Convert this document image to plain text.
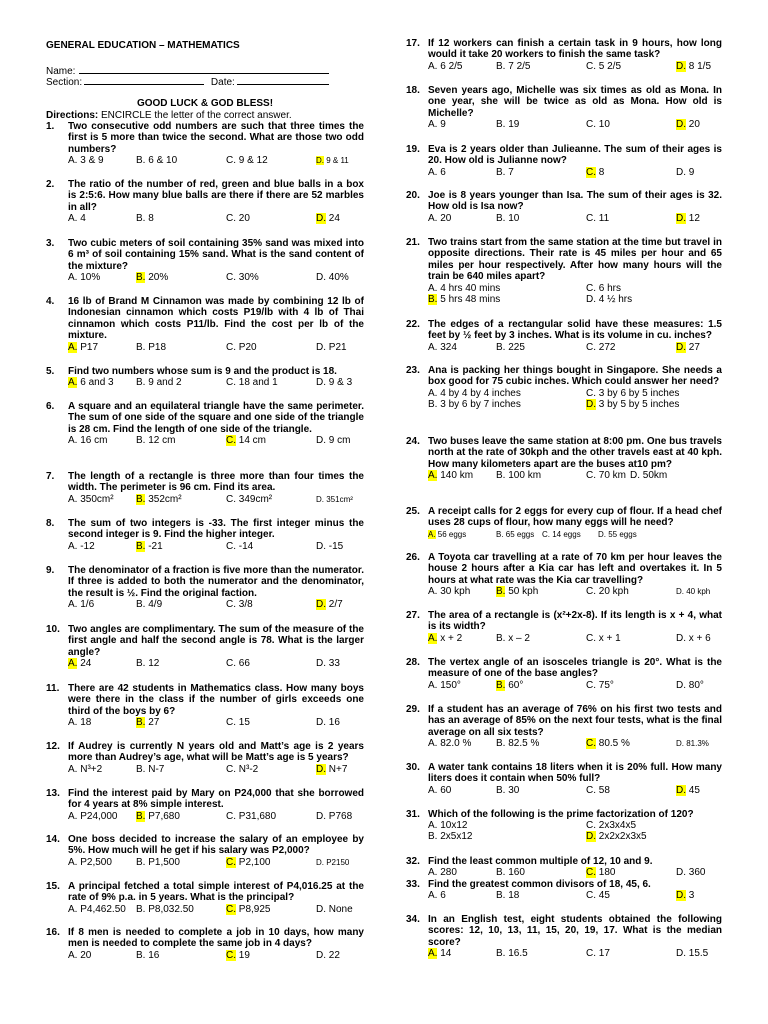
GENERAL EDUCATION – MATHEMATICS
Name:
Section:	Date:
GOOD LUCK & GOD BLESS!
Directions: ENCIRCLE the letter of the correct answer.
1. Two consecutive odd numbers are such that three times the first is 5 more than twice the second. What are those two odd numbers?
A. 3 & 9	B. 6 & 10	C. 9 & 12	D. 9 & 11
2. The ratio of the number of red, green and blue balls in a box is 2:5:6. How many blue balls are there if there are 52 marbles in all?
A. 4	B. 8	C. 20	D. 24
3. Two cubic meters of soil containing 35% sand was mixed into 6 m³ of soil containing 15% sand. What is the sand content of the mixture?
A. 10%	B. 20%	C. 30%	D. 40%
4. 16 lb of Brand M Cinnamon was made by combining 12 lb of Indonesian cinnamon which costs P19/lb with 4 lb of Thai cinnamon which costs P11/lb. Find the cost per lb of the mixture.
A. P17	B. P18	C. P20	D. P21
5. Find two numbers whose sum is 9 and the product is 18.
A. 6 and 3 B. 9 and 2	C. 18 and 1	D. 9 & 3
6. A square and an equilateral triangle have the same perimeter. The sum of one side of the square and one side of the triangle is 28 cm. Find the length of one side of the triangle.
A. 16 cm	B. 12 cm	C. 14 cm	D. 9 cm
7. The length of a rectangle is three more than four times the width. The perimeter is 96 cm. Find its area.
A. 350cm² B. 352cm²	C. 349cm²	D. 351cm²
8. The sum of two integers is -33. The first integer minus the second integer is 9. Find the higher integer.
A. -12	B. -21	C. -14	D. -15
9. The denominator of a fraction is five more than the numerator. If three is added to both the numerator and the denominator, the result is ½. Find the original faction.
A. 1/6	B. 4/9	C. 3/8	D. 2/7
10. Two angles are complimentary. The sum of the measure of the first angle and half the second angle is 78. What is the larger angle?
A. 24	B. 12	C. 66	D. 33
11. There are 42 students in Mathematics class. How many boys were there in the class if the number of girls exceeds one third of the boys by 6?
A. 18	B. 27	C. 15	D. 16
12. If Audrey is currently N years old and Matt’s age is 2 years more than Audrey’s age, what will be Matt’s age is 5 years?
A. N³+2	B. N-7	C. N³-2	D. N+7
13. Find the interest paid by Mary on P24,000 that she borrowed for 4 years at 8% simple interest.
A. P24,000 B. P7,680	C. P31,680	D. P768
14. One boss decided to increase the salary of an employee by 5%. How much will he get if his salary was P2,000?
A. P2,500 B. P1,500	C. P2,100	D. P2150
15. A principal fetched a total simple interest of P4,016.25 at the rate of 9% p.a. in 5 years. What is the principal?
A. P4,462.50 B. P8,032.50	C. P8,925	D. None
16. If 8 men is needed to complete a job in 10 days, how many men is needed to complete the same job in 4 days?
A. 20	B. 16	C. 19	D. 22
17. If 12 workers can finish a certain task in 9 hours, how long would it take 20 workers to finish the same task?
A. 6 2/5	B. 7 2/5	C. 5 2/5	D. 8 1/5
18. Seven years ago, Michelle was six times as old as Mona. In one year, she will be twice as old as Mona. How old is Michelle?
A. 9	B. 19	C. 10	D. 20
19. Eva is 2 years older than Julieanne. The sum of their ages is 20. How old is Julianne now?
A. 6	B. 7	C. 8	D. 9
20. Joe is 8 years younger than Isa. The sum of their ages is 32. How old is Isa now?
A. 20	B. 10	C. 11	D. 12
21. Two trains start from the same station at the time but travel in opposite directions. Their rate is 45 miles per hour and 65 miles per hour respectively. After how many hours will the train be 640 miles apart?
A. 4 hrs 40 mins	C. 6 hrs
B. 5 hrs 48 mins	D. 4 ½ hrs
22. The edges of a rectangular solid have these measures: 1.5 feet by ½ feet by 3 inches. What is its volume in cu. inches?
A. 324	B. 225	C. 272	D. 27
23. Ana is packing her things bought in Singapore. She needs a box good for 75 cubic inches. Which could answer her need?
A. 4 by 4 by 4 inches	C. 3 by 6 by 5 inches
B. 3 by 6 by 7 inches	D. 3 by 5 by 5 inches
24. Two buses leave the same station at 8:00 pm. One bus travels north at the rate of 30kph and the other travels east at 40 kph. How many kilometers apart are the buses at10 pm?
A. 140 km B. 100 km	C. 70 km D. 50km
25. A receipt calls for 2 eggs for every cup of flour. If a head chef uses 28 cups of flour, how many eggs will he need?
A. 56 eggs	B. 65 eggs C. 14 eggs D. 55 eggs
26. A Toyota car travelling at a rate of 70 km per hour leaves the house 2 hours after a Kia car has left and overtakes it. In 5 hours at what rate was the Kia car travelling?
A. 30 kph	B. 50 kph	C. 20 kph	D. 40 kph
27. The area of a rectangle is (x²+2x-8). If its length is x + 4, what is its width?
A. x + 2	B. x – 2	C. x + 1	D. x + 6
28. The vertex angle of an isosceles triangle is 20°. What is the measure of one of the base angles?
A. 150°	B. 60°	C. 75°	D. 80°
29. If a student has an average of 76% on his first two tests and has an average of 85% on the next four tests, what is the final average on all six tests?
A. 82.0 % B. 82.5 %	C. 80.5 %	D. 81.3%
30. A water tank contains 18 liters when it is 20% full. How many liters does it contain when 50% full?
A. 60	B. 30	C. 58	D. 45
31. Which of the following is the prime factorization of 120?
A. 10x12	C. 2x3x4x5
B. 2x5x12	D. 2x2x2x3x5
32. Find the least common multiple of 12, 10 and 9.
A. 280	B. 160	C. 180	D. 360
33. Find the greatest common divisors of 18, 45, 6.
A. 6	B. 18	C. 45	D. 3
34. In an English test, eight students obtained the following scores: 12, 10, 13, 11, 15, 20, 19, 17. What is the median score?
A. 14	B. 16.5	C. 17	D. 15.5
